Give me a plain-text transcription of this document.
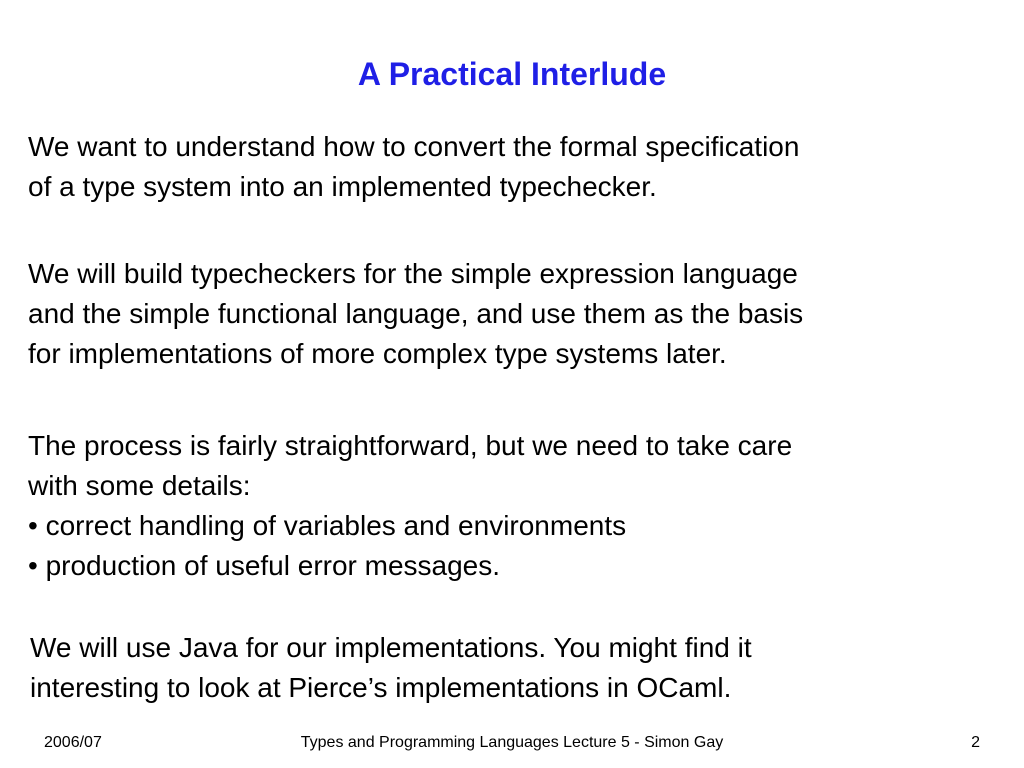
A Practical Interlude
We want to understand how to convert the formal specification
of a type system into an implemented typechecker.
We will build typecheckers for the simple expression language
and the simple functional language, and use them as the basis
for implementations of more complex type systems later.
The process is fairly straightforward, but we need to take care
with some details:
• correct handling of variables and environments
• production of useful error messages.
We will use Java for our implementations. You might find it
interesting to look at Pierce’s implementations in OCaml.
Types and Programming Languages Lecture 5 - Simon Gay
2006/07	2
